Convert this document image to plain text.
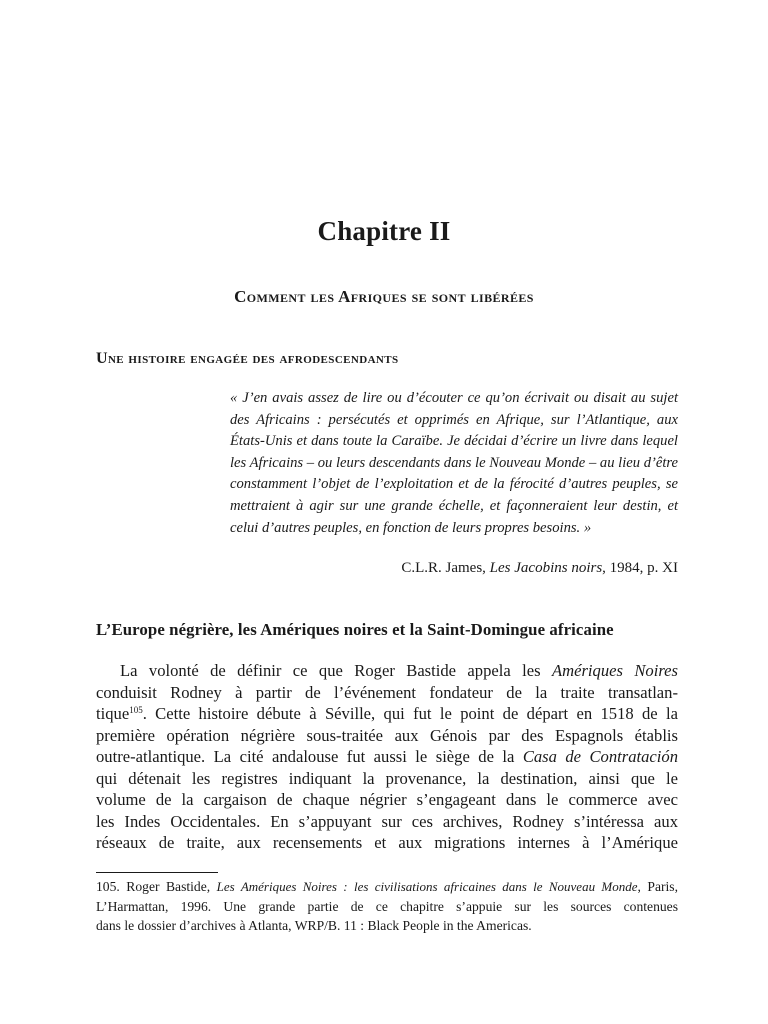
Chapitre II
Comment les Afriques se sont libérées
Une histoire engagée des afrodescendants
« J’en avais assez de lire ou d’écouter ce qu’on écrivait ou disait au sujet des Africains : persécutés et opprimés en Afrique, sur l’Atlantique, aux États-Unis et dans toute la Caraïbe. Je décidai d’écrire un livre dans lequel les Africains – ou leurs descendants dans le Nouveau Monde – au lieu d’être constamment l’objet de l’exploitation et de la férocité d’autres peuples, se mettraient à agir sur une grande échelle, et façonneraient leur destin, et celui d’autres peuples, en fonction de leurs propres besoins. »
C.L.R. James, Les Jacobins noirs, 1984, p. XI
L’Europe négrière, les Amériques noires et la Saint-Domingue africaine
La volonté de définir ce que Roger Bastide appela les Amériques Noires
conduisit Rodney à partir de l’événement fondateur de la traite transatlan-
tique$^{105}$. Cette histoire débute à Séville, qui fut le point de départ en 1518 de la
première opération négrière sous-traitée aux Génois par des Espagnols établis
outre-atlantique. La cité andalouse fut aussi le siège de la Casa de Contratación
qui détenait les registres indiquant la provenance, la destination, ainsi que le
volume de la cargaison de chaque négrier s’engageant dans le commerce avec
les Indes Occidentales. En s’appuyant sur ces archives, Rodney s’intéressa aux
réseaux de traite, aux recensements et aux migrations internes à l’Amérique
105. Roger Bastide, Les Amériques Noires : les civilisations africaines dans le Nouveau Monde, Paris,
L’Harmattan, 1996. Une grande partie de ce chapitre s’appuie sur les sources contenues
dans le dossier d’archives à Atlanta, WRP/B. 11 : Black People in the Americas.
